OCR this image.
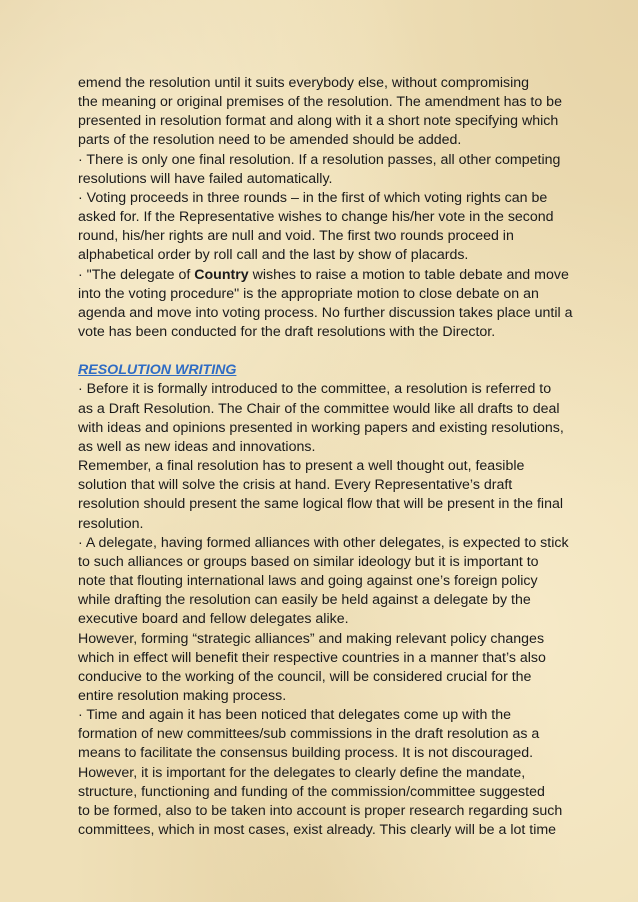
emend the resolution until it suits everybody else, without compromising
the meaning or original premises of the resolution. The amendment has to be
presented in resolution format and along with it a short note specifying which
parts of the resolution need to be amended should be added.
· There is only one final resolution. If a resolution passes, all other competing
resolutions will have failed automatically.
· Voting proceeds in three rounds – in the first of which voting rights can be
asked for. If the Representative wishes to change his/her vote in the second
round, his/her rights are null and void. The first two rounds proceed in
alphabetical order by roll call and the last by show of placards.
· "The delegate of Country wishes to raise a motion to table debate and move
into the voting procedure" is the appropriate motion to close debate on an
agenda and move into voting process. No further discussion takes place until a
vote has been conducted for the draft resolutions with the Director.
RESOLUTION WRITING
· Before it is formally introduced to the committee, a resolution is referred to
as a Draft Resolution. The Chair of the committee would like all drafts to deal
with ideas and opinions presented in working papers and existing resolutions,
as well as new ideas and innovations.
Remember, a final resolution has to present a well thought out, feasible
solution that will solve the crisis at hand. Every Representative’s draft
resolution should present the same logical flow that will be present in the final
resolution.
· A delegate, having formed alliances with other delegates, is expected to stick
to such alliances or groups based on similar ideology but it is important to
note that flouting international laws and going against one’s foreign policy
while drafting the resolution can easily be held against a delegate by the
executive board and fellow delegates alike.
However, forming “strategic alliances” and making relevant policy changes
which in effect will benefit their respective countries in a manner that’s also
conducive to the working of the council, will be considered crucial for the
entire resolution making process.
· Time and again it has been noticed that delegates come up with the
formation of new committees/sub commissions in the draft resolution as a
means to facilitate the consensus building process. It is not discouraged.
However, it is important for the delegates to clearly define the mandate,
structure, functioning and funding of the commission/committee suggested
to be formed, also to be taken into account is proper research regarding such
committees, which in most cases, exist already. This clearly will be a lot time
